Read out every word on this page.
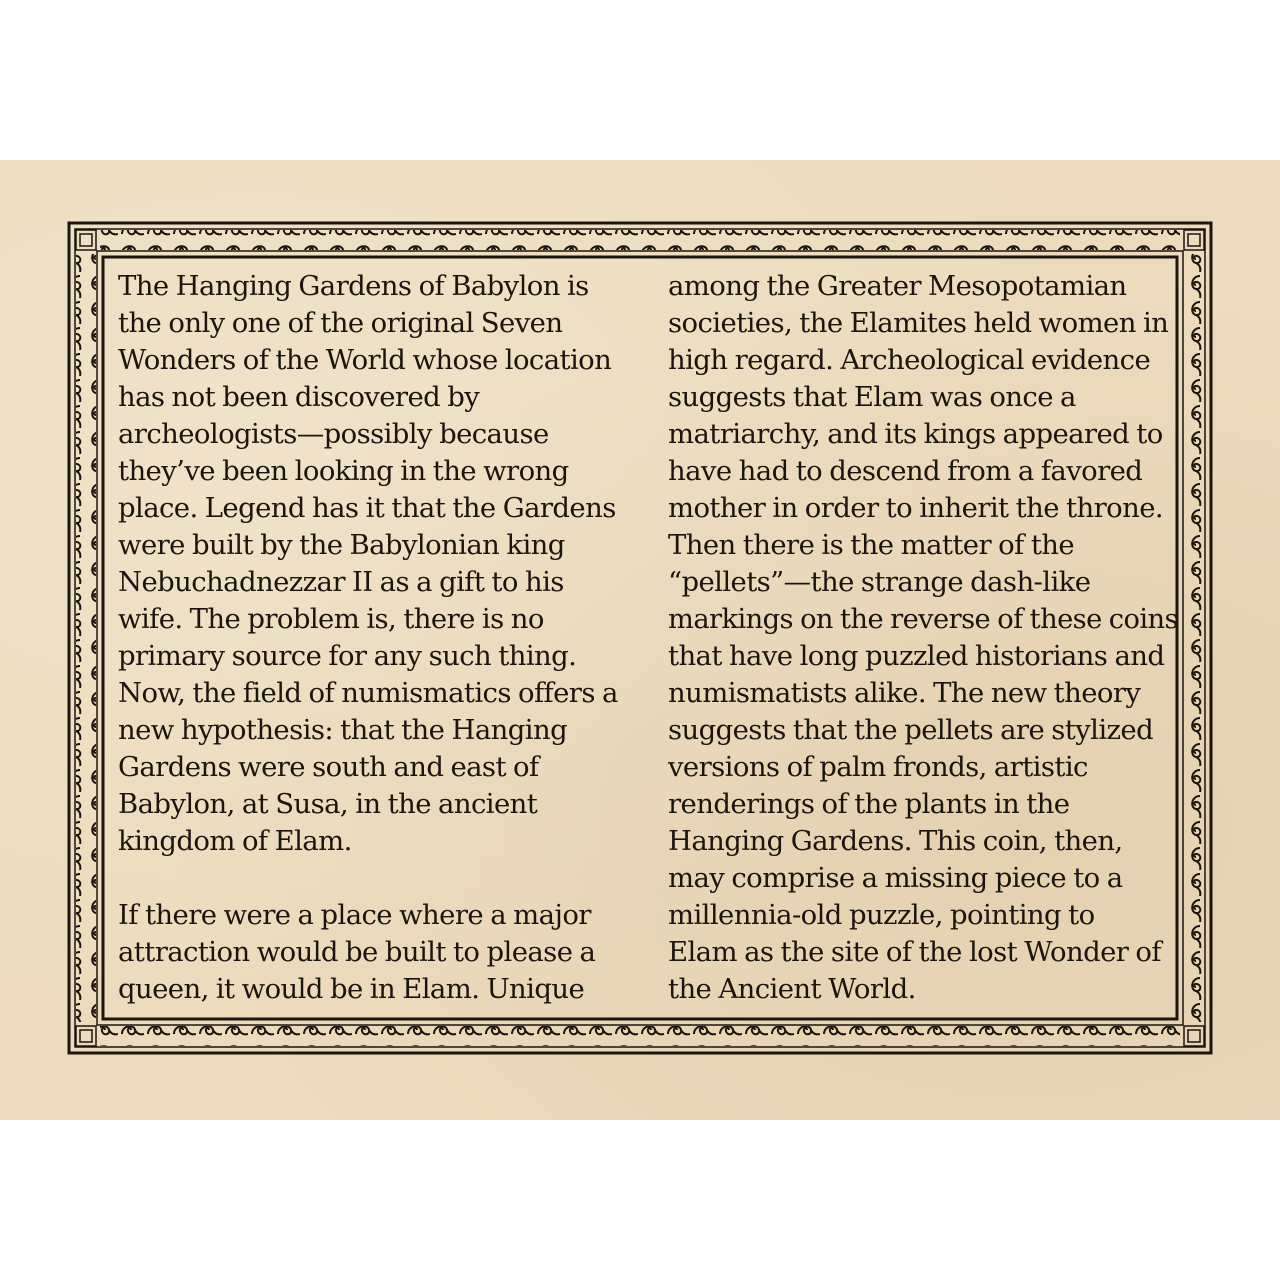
The Hanging Gardens of Babylon is
the only one of the original Seven
Wonders of the World whose location
has not been discovered by
archeologists—possibly because
they’ve been looking in the wrong
place. Legend has it that the Gardens
were built by the Babylonian king
Nebuchadnezzar II as a gift to his
wife. The problem is, there is no
primary source for any such thing.
Now, the field of numismatics offers a
new hypothesis: that the Hanging
Gardens were south and east of
Babylon, at Susa, in the ancient
kingdom of Elam.
If there were a place where a major
attraction would be built to please a
queen, it would be in Elam. Unique
among the Greater Mesopotamian
societies, the Elamites held women in
high regard. Archeological evidence
suggests that Elam was once a
matriarchy, and its kings appeared to
have had to descend from a favored
mother in order to inherit the throne.
Then there is the matter of the
“pellets”—the strange dash-like
markings on the reverse of these coins
that have long puzzled historians and
numismatists alike. The new theory
suggests that the pellets are stylized
versions of palm fronds, artistic
renderings of the plants in the
Hanging Gardens. This coin, then,
may comprise a missing piece to a
millennia-old puzzle, pointing to
Elam as the site of the lost Wonder of
the Ancient World.
